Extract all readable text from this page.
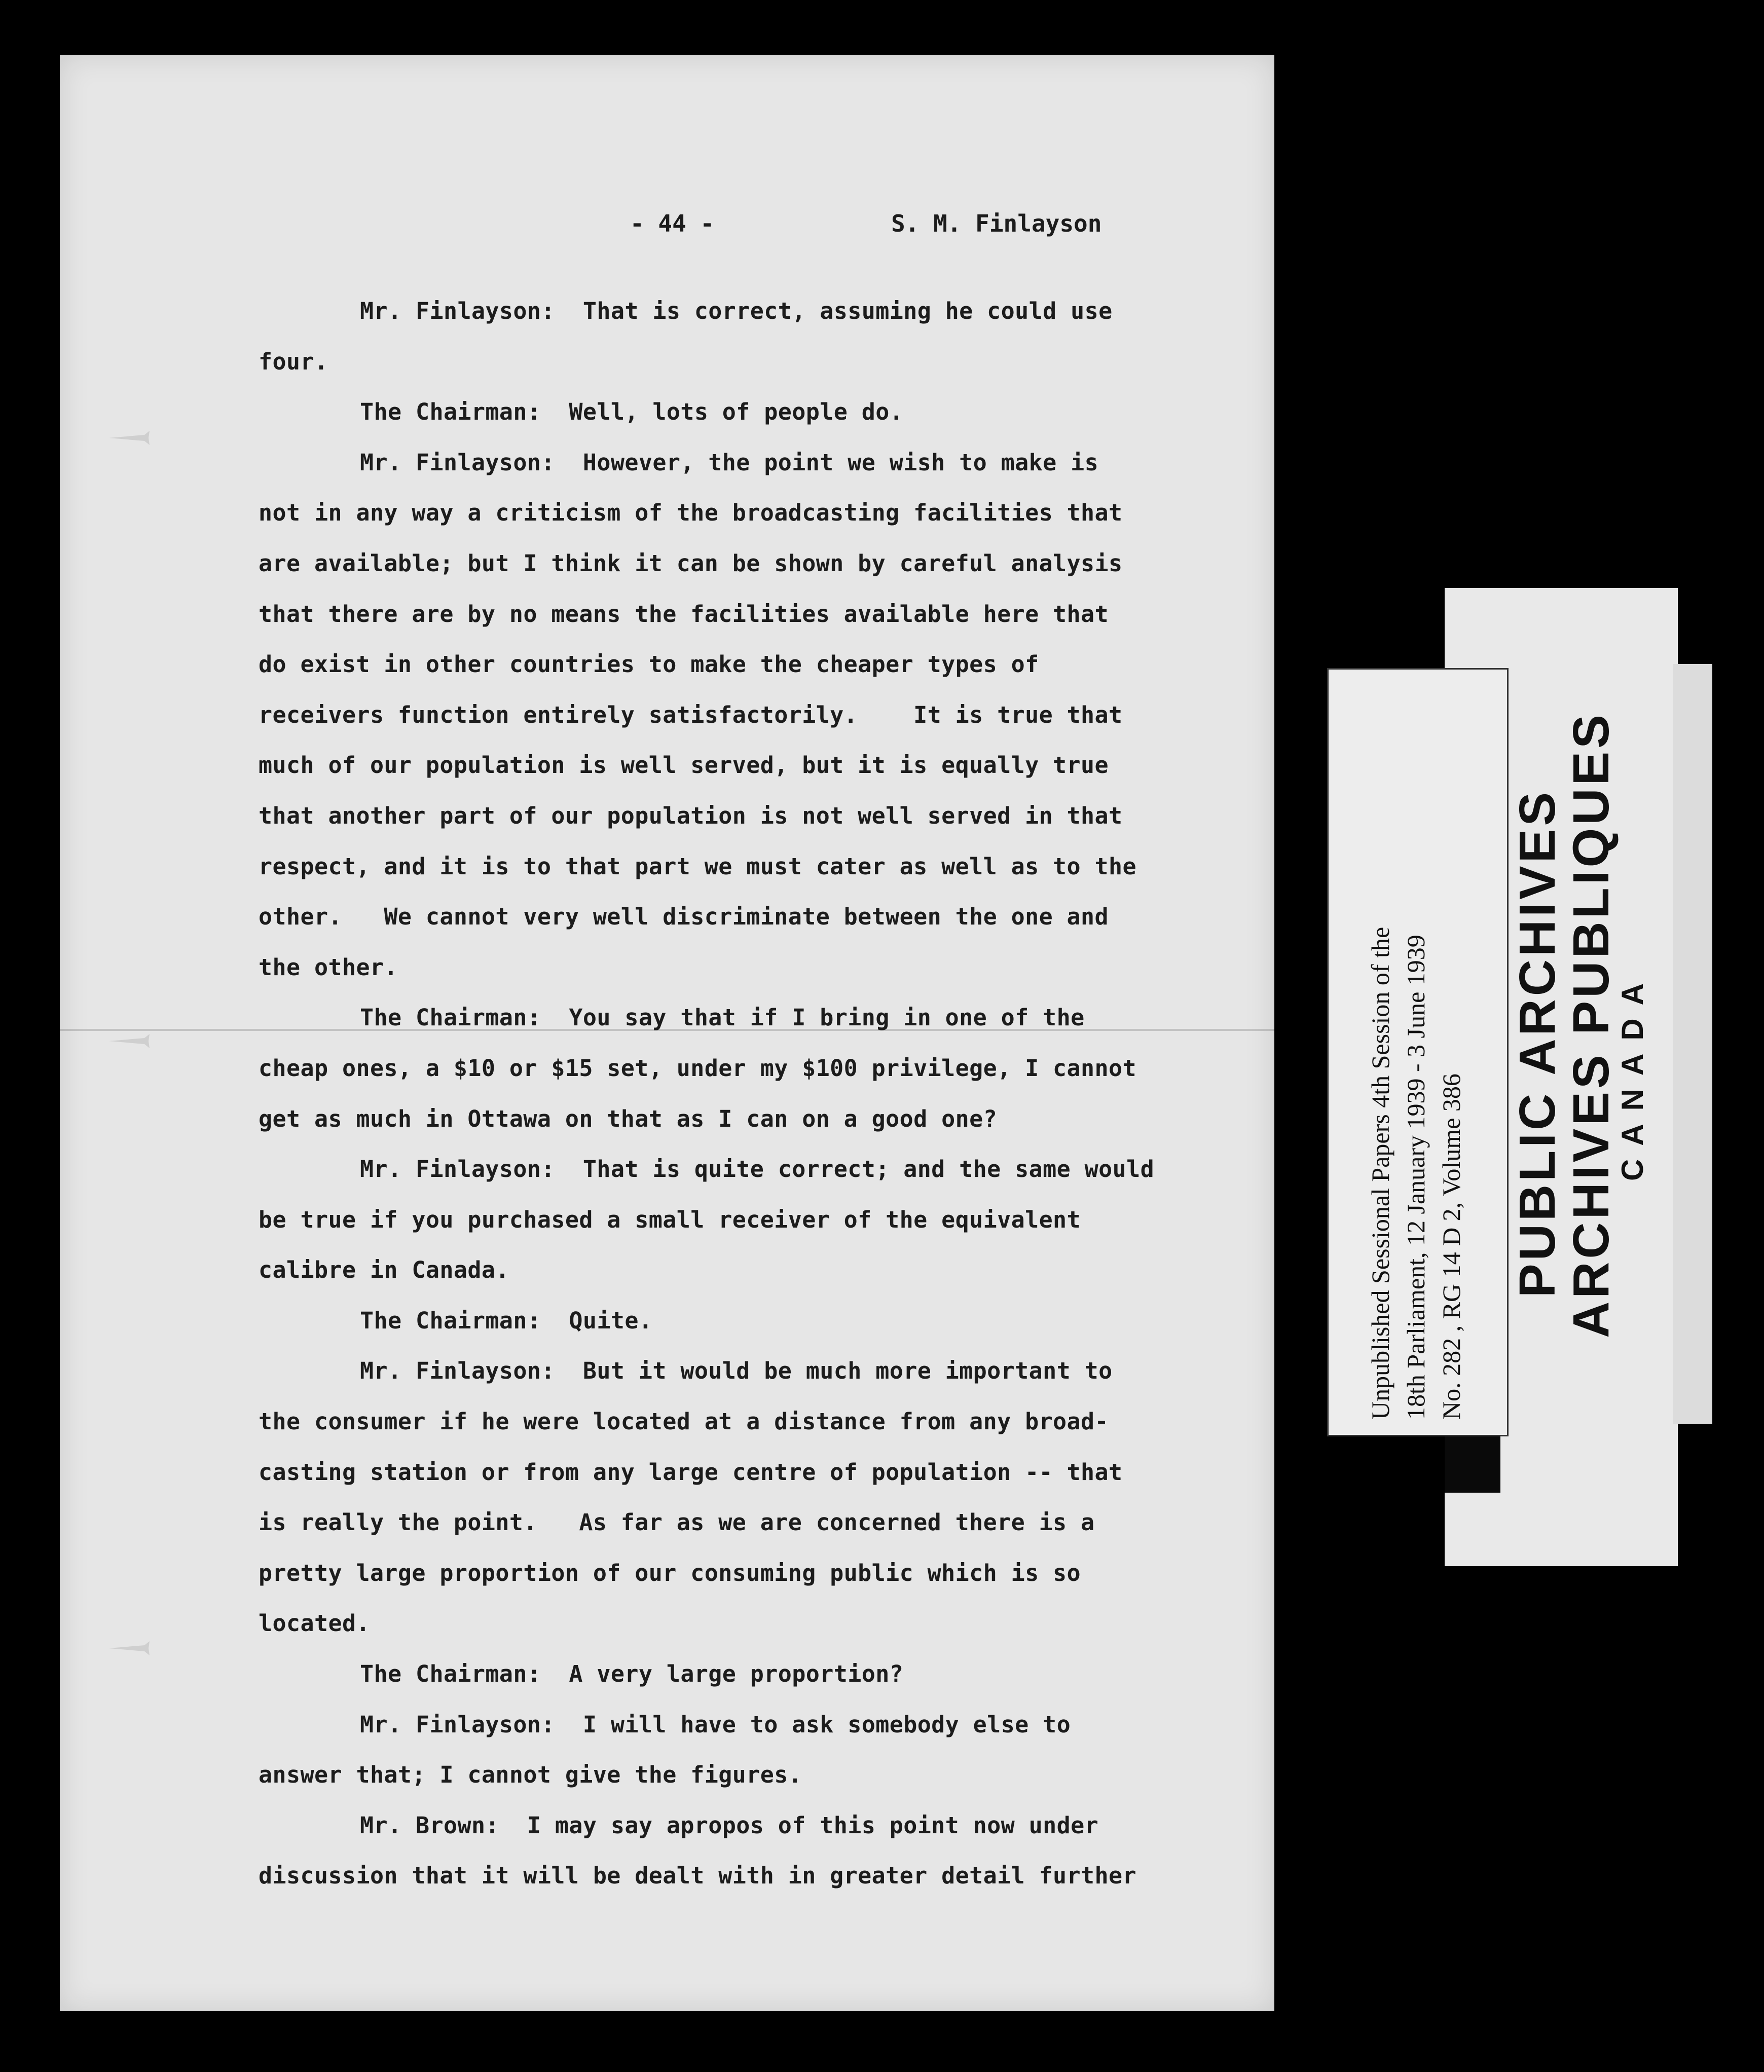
- 44 -	S. M. Finlayson
Mr. Finlayson:  That is correct, assuming he could use
four.
The Chairman:  Well, lots of people do.
Mr. Finlayson:  However, the point we wish to make is
not in any way a criticism of the broadcasting facilities that
are available; but I think it can be shown by careful analysis
that there are by no means the facilities available here that
do exist in other countries to make the cheaper types of
receivers function entirely satisfactorily.    It is true that
much of our population is well served, but it is equally true
that another part of our population is not well served in that
respect, and it is to that part we must cater as well as to the
other.   We cannot very well discriminate between the one and
the other.
The Chairman:  You say that if I bring in one of the
cheap ones, a $10 or $15 set, under my $100 privilege, I cannot
get as much in Ottawa on that as I can on a good one?
Mr. Finlayson:  That is quite correct; and the same would
be true if you purchased a small receiver of the equivalent
calibre in Canada.
The Chairman:  Quite.
Mr. Finlayson:  But it would be much more important to
the consumer if he were located at a distance from any broad-
casting station or from any large centre of population -- that
is really the point.   As far as we are concerned there is a
pretty large proportion of our consuming public which is so
located.
The Chairman:  A very large proportion?
Mr. Finlayson:  I will have to ask somebody else to
answer that; I cannot give the figures.
Mr. Brown:  I may say apropos of this point now under
discussion that it will be dealt with in greater detail further
Unpublished Sessional Papers 4th Session of the 18th Parliament, 12 January 1939 - 3 June 1939 No. 282 , RG 14 D 2, Volume 386 PUBLIC ARCHIVES
ARCHIVES PUBLIQUES
CANADA
